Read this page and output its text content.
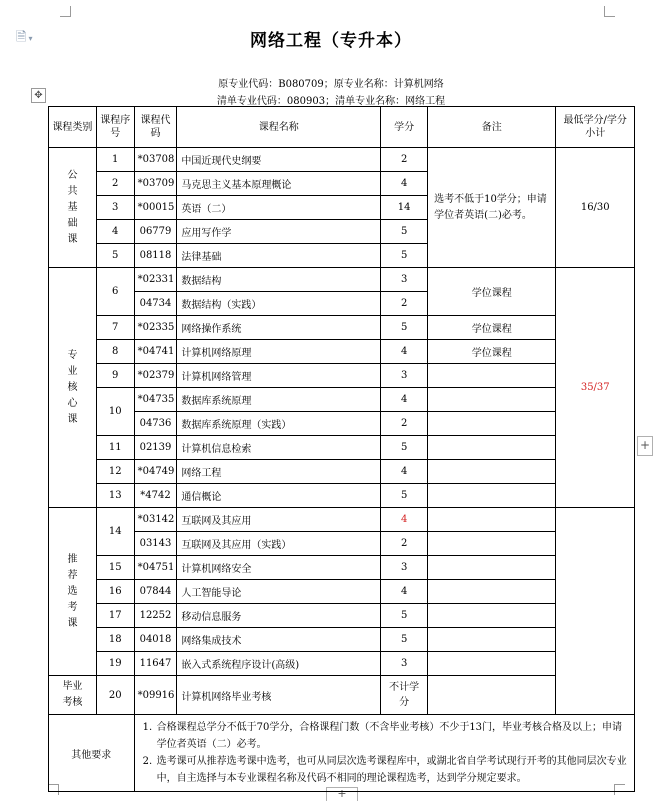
🗎 ▾	网络工程（专升本）
原专业代码：B080709；原专业名称：计算机网络
清单专业代码：080903；清单专业名称：网络工程
✥
+
+
课程类别	课程序号	课程代码	课程名称	学分	备注	最低学分/学分小计
公
共
基
础
课	1	*03708	中国近现代史纲要	2	选考不低于10学分；申请学位者英语(二)必考。	16/30
	2	*03709	马克思主义基本原理概论	4		
	3	*00015	英语（二）	14		
	4	06779	应用写作学	5		
	5	08118	法律基础	5		
专
业
核
心
课	6	*02331	数据结构	3	学位课程	35/37
		04734	数据结构（实践）	2		
	7	*02335	网络操作系统	5	学位课程	
	8	*04741	计算机网络原理	4	学位课程	
	9	*02379	计算机网络管理	3		
	10	*04735	数据库系统原理	4		
		04736	数据库系统原理（实践）	2		
	11	02139	计算机信息检索	5		
	12	*04749	网络工程	4		
	13	*4742	通信概论	5		
推
荐
选
考
课	14	*03142	互联网及其应用	4		
		03143	互联网及其应用（实践）	2		
	15	*04751	计算机网络安全	3		
	16	07844	人工智能导论	4		
	17	12252	移动信息服务	5		
	18	04018	网络集成技术	5		
	19	11647	嵌入式系统程序设计(高级)	3		
毕业
考核	20	*09916	计算机网络毕业考核	不计学分		
其他要求		1. 合格课程总学分不低于70学分，合格课程门数（不含毕业考核）不少于13门，毕业考核合格及以上；申请学位者英语（二）必考。
2. 选考课可从推荐选考课中选考，也可从同层次选考课程库中，或湖北省自学考试现行开考的其他同层次专业中，自主选择与本专业课程名称及代码不相同的理论课程选考，达到学分规定要求。				
